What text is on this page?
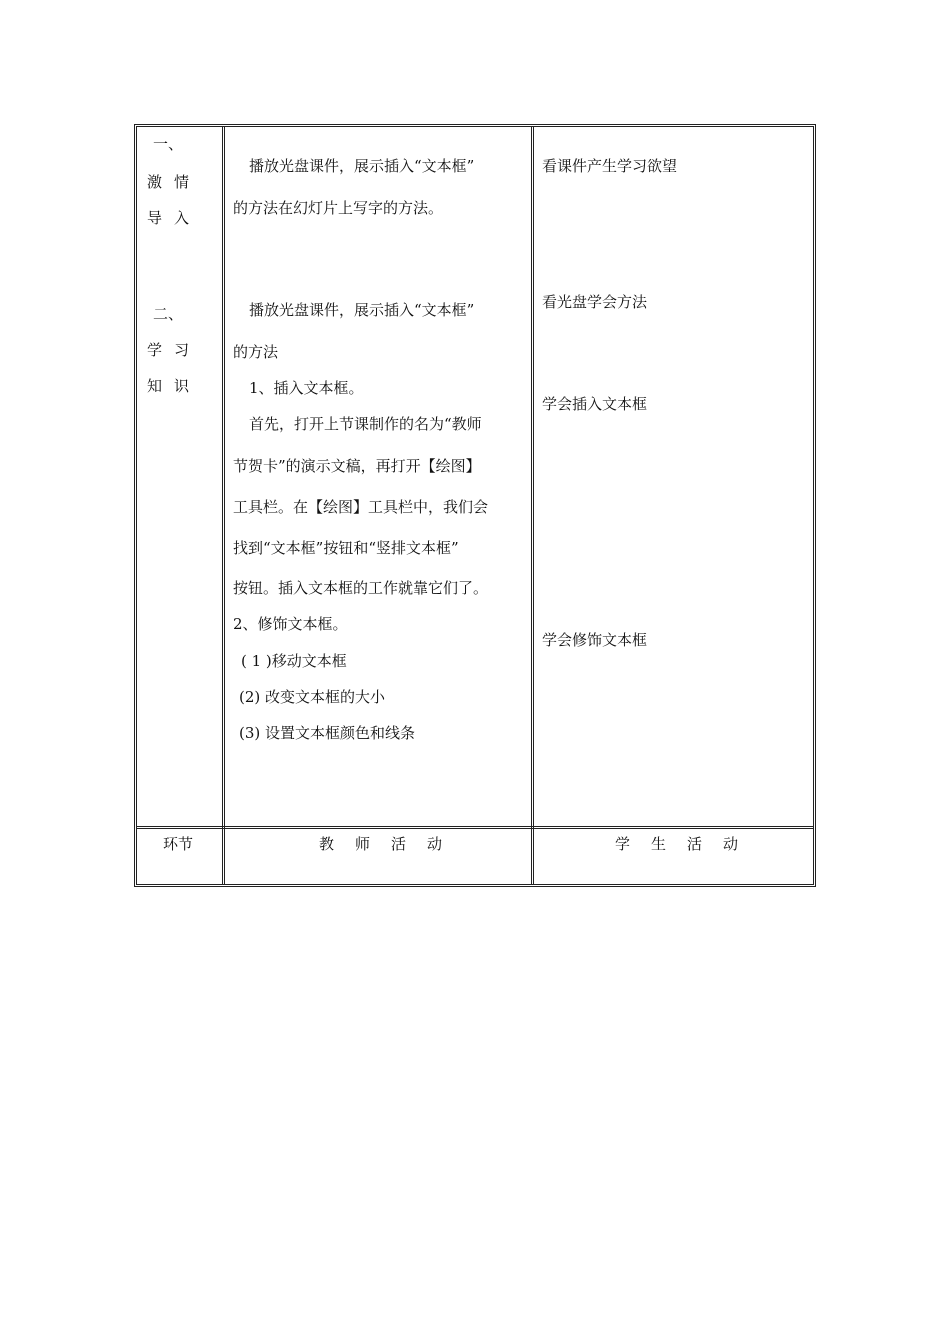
一、
激情
导入
二、
学习
知识
播放光盘课件，展示插入“文本框”
的方法在幻灯片上写字的方法。
播放光盘课件，展示插入“文本框”
的方法
1、插入文本框。
首先，打开上节课制作的名为“教师
节贺卡”的演示文稿，再打开【绘图】
工具栏。在【绘图】工具栏中，我们会
找到“文本框”按钮和“竖排文本框”
按钮。插入文本框的工作就靠它们了。
2、修饰文本框。
( 1 )移动文本框
(2) 改变文本框的大小
(3) 设置文本框颜色和线条
看课件产生学习欲望
看光盘学会方法
学会插入文本框
学会修饰文本框
环节	教师活动	学生活动
